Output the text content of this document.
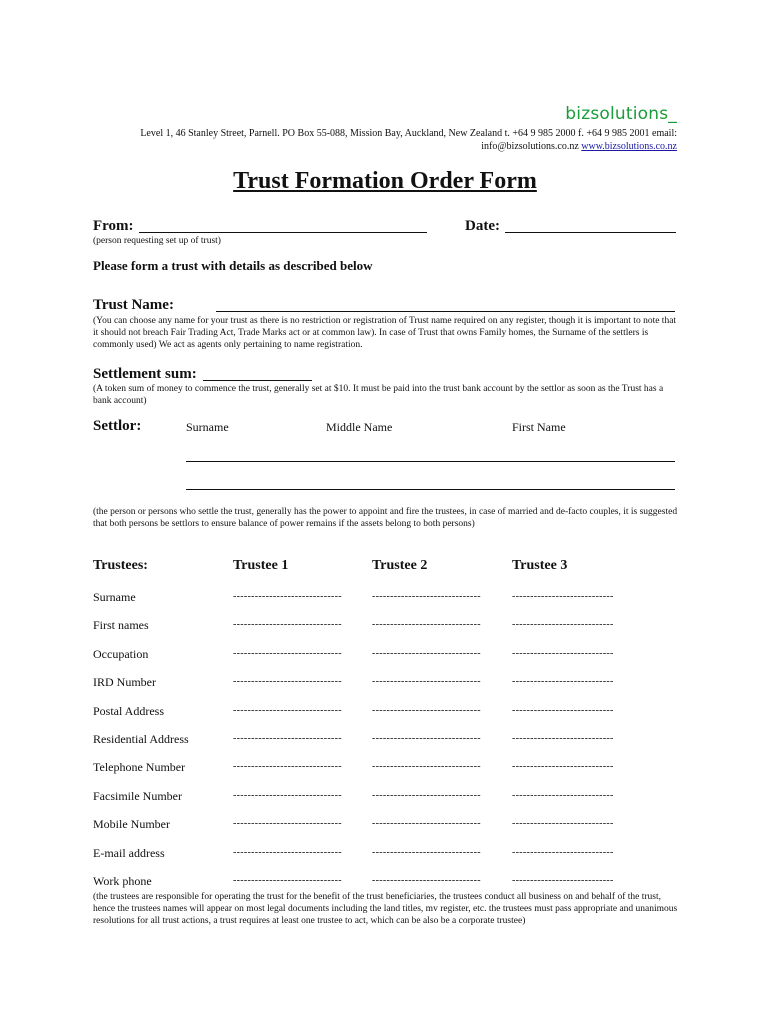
bizsolutions_
Level 1, 46 Stanley Street, Parnell. PO Box 55-088, Mission Bay, Auckland, New Zealand t. +64 9 985 2000 f. +64 9 985 2001 email:
info@bizsolutions.co.nz www.bizsolutions.co.nz
Trust Formation Order Form
From:
(person requesting set up of trust)
Date:
Please form a trust with details as described below
Trust Name:
(You can choose any name for your trust as there is no restriction or registration of Trust name required on any register, though it is important to note that it should not breach Fair Trading Act, Trade Marks act or at common law). In case of Trust that owns Family homes, the Surname of the settlers is commonly used) We act as agents only pertaining to name registration.
Settlement sum:
(A token sum of money to commence the trust, generally set at $10. It must be paid into the trust bank account by the settlor as soon as the Trust has a bank account)
Settlor:	Surname	Middle Name	First Name
(the person or persons who settle the trust, generally has the power to appoint and fire the trustees, in case of married and de-facto couples, it is suggested that both persons be settlors to ensure balance of power remains if the assets belong to both persons)
Trustees:	Trustee 1	Trustee 2	Trustee 3
Surname	------------------------------	------------------------------	----------------------------
First names	------------------------------	------------------------------	----------------------------
Occupation	------------------------------	------------------------------	----------------------------
IRD Number	------------------------------	------------------------------	----------------------------
Postal Address	------------------------------	------------------------------	----------------------------
Residential Address	------------------------------	------------------------------	----------------------------
Telephone Number	------------------------------	------------------------------	----------------------------
Facsimile Number	------------------------------	------------------------------	----------------------------
Mobile Number	------------------------------	------------------------------	----------------------------
E-mail address	------------------------------	------------------------------	----------------------------
Work phone	------------------------------	------------------------------	----------------------------
(the trustees are responsible for operating the trust for the benefit of the trust beneficiaries, the trustees conduct all business on and behalf of the trust, hence the trustees names will appear on most legal documents including the land titles, mv register, etc. the trustees must pass appropriate and unanimous resolutions for all trust actions, a trust requires at least one trustee to act, which can be also be a corporate trustee)
